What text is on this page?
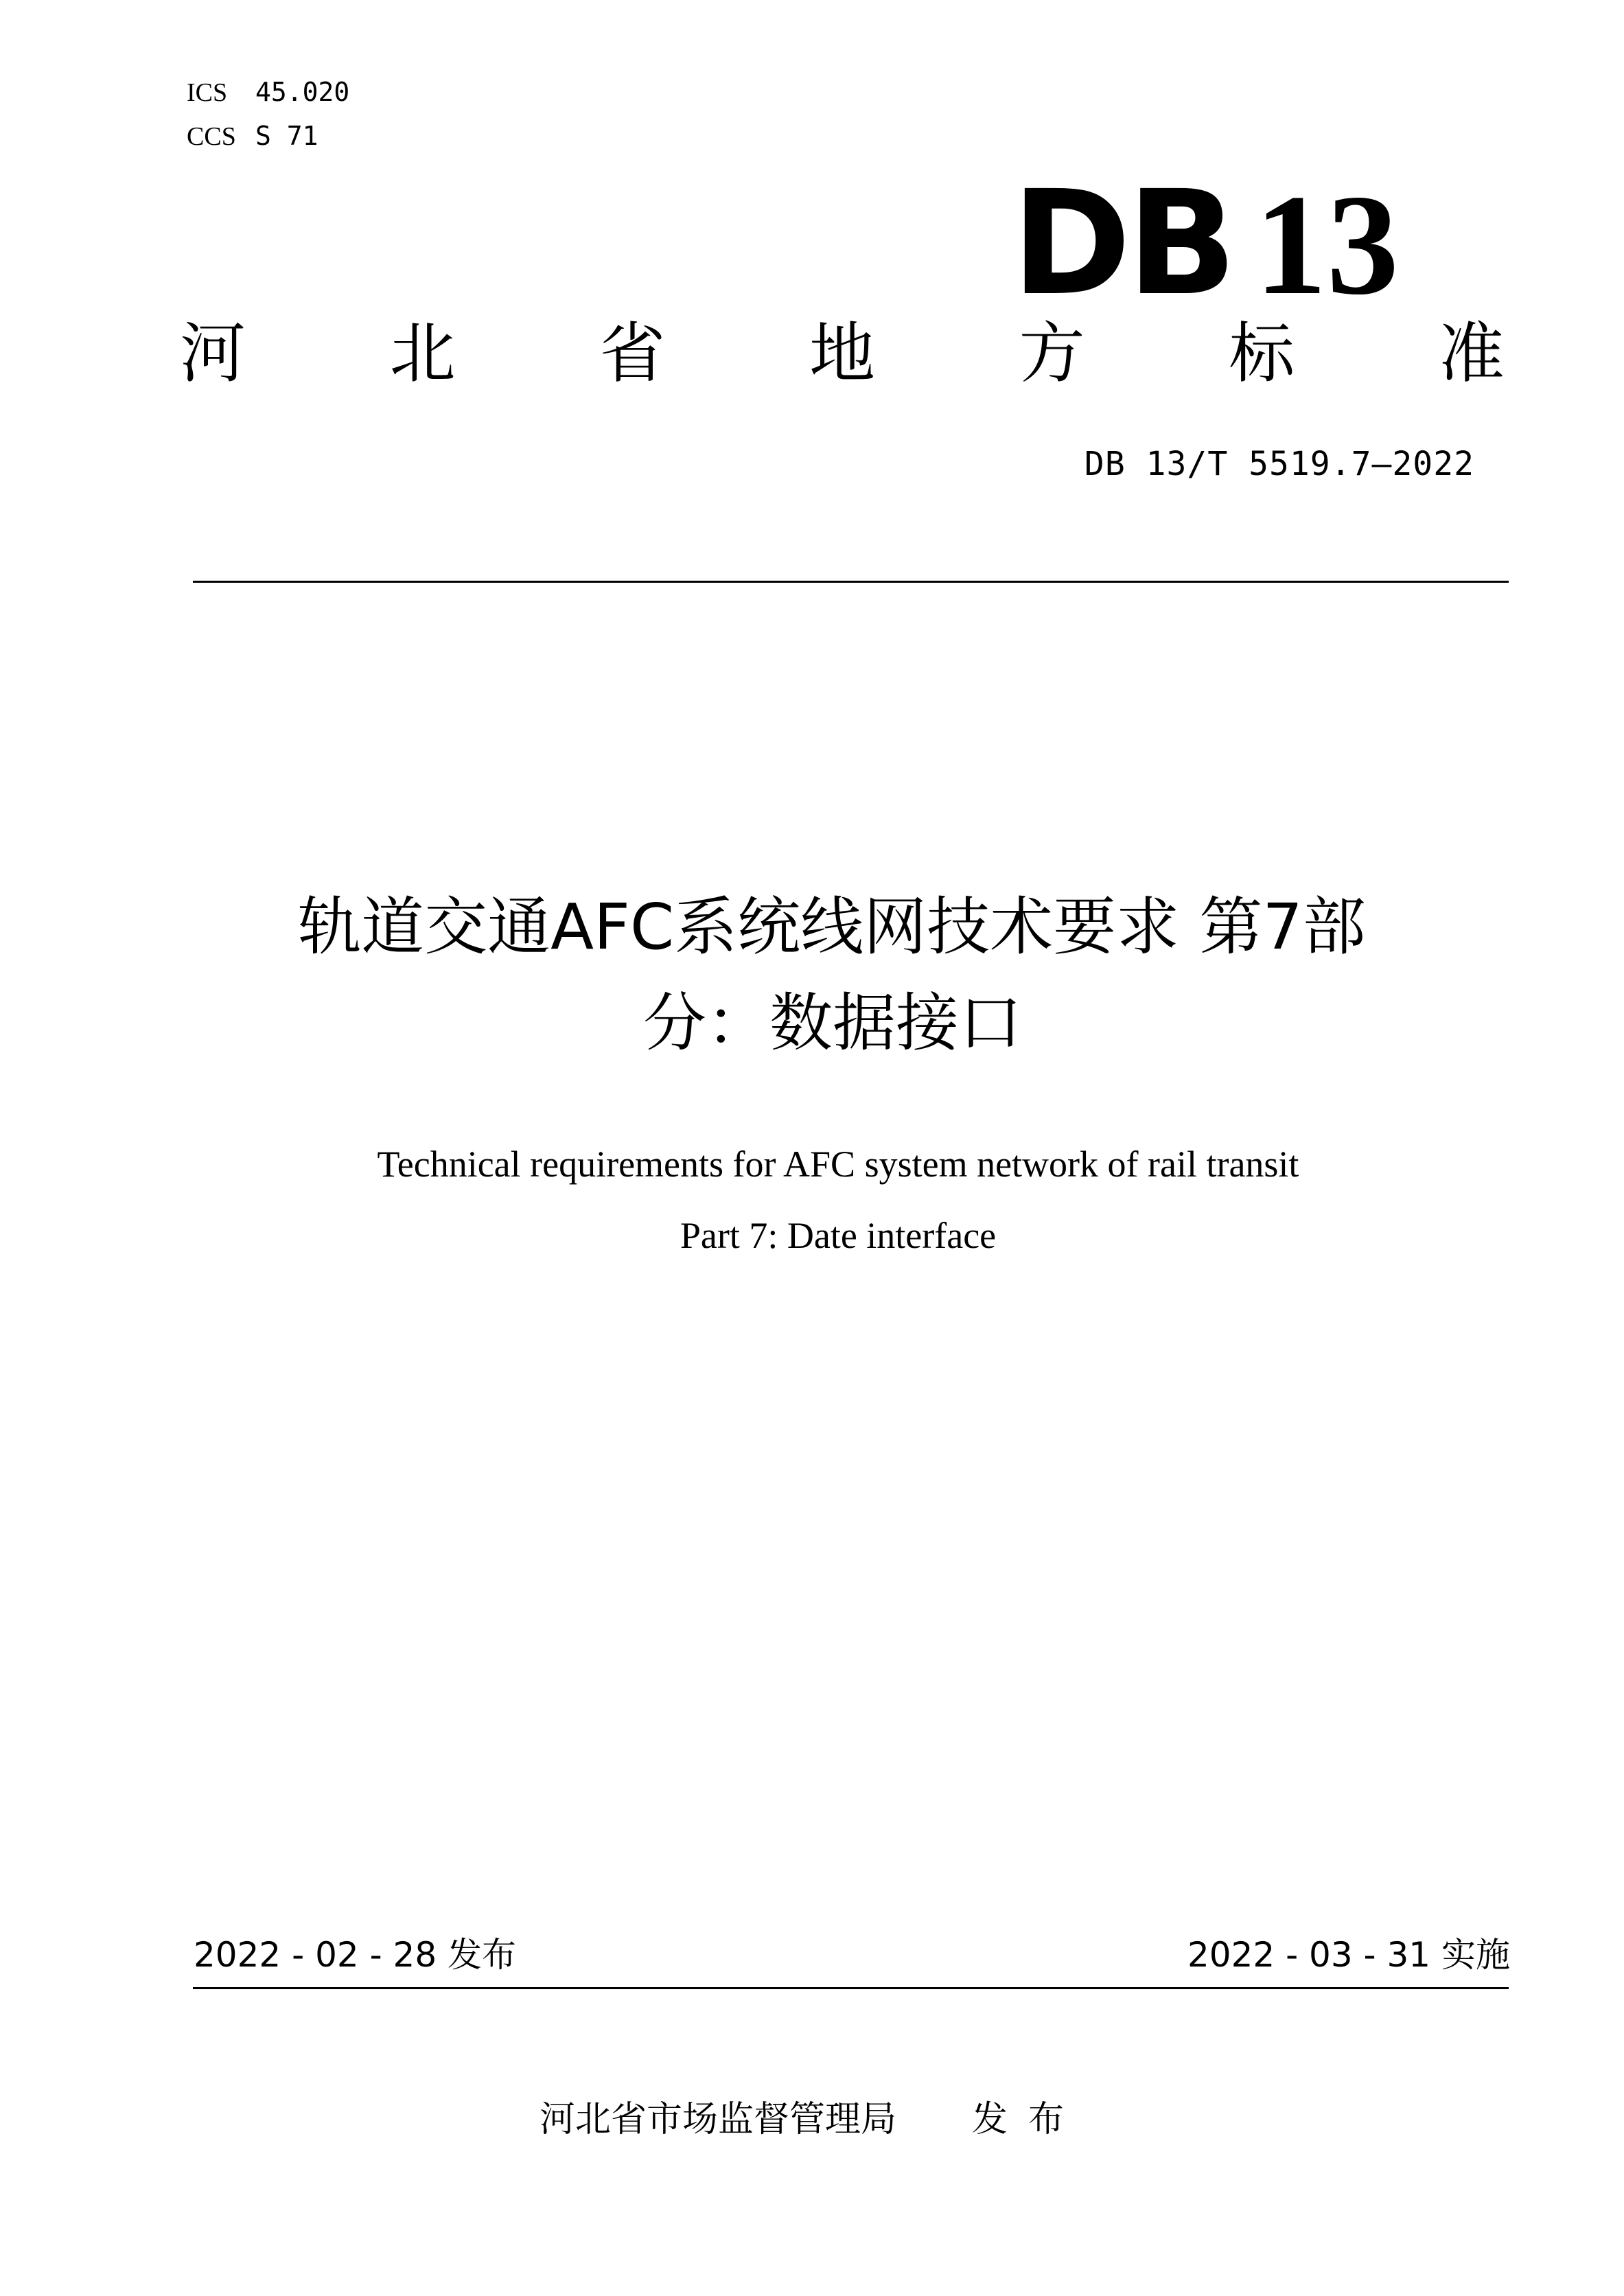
ICS 45.020
CCS S 71
DB 13
河 北 省 地 方 标 准
DB 13/T 5519.7—2022
轨道交通AFC系统线网技术要求 第7部
分：数据接口
Technical requirements for AFC system network of rail transit
Part 7: Date interface
2022 - 02 - 28 发布	2022 - 03 - 31 实施
河北省市场监督管理局 发布
